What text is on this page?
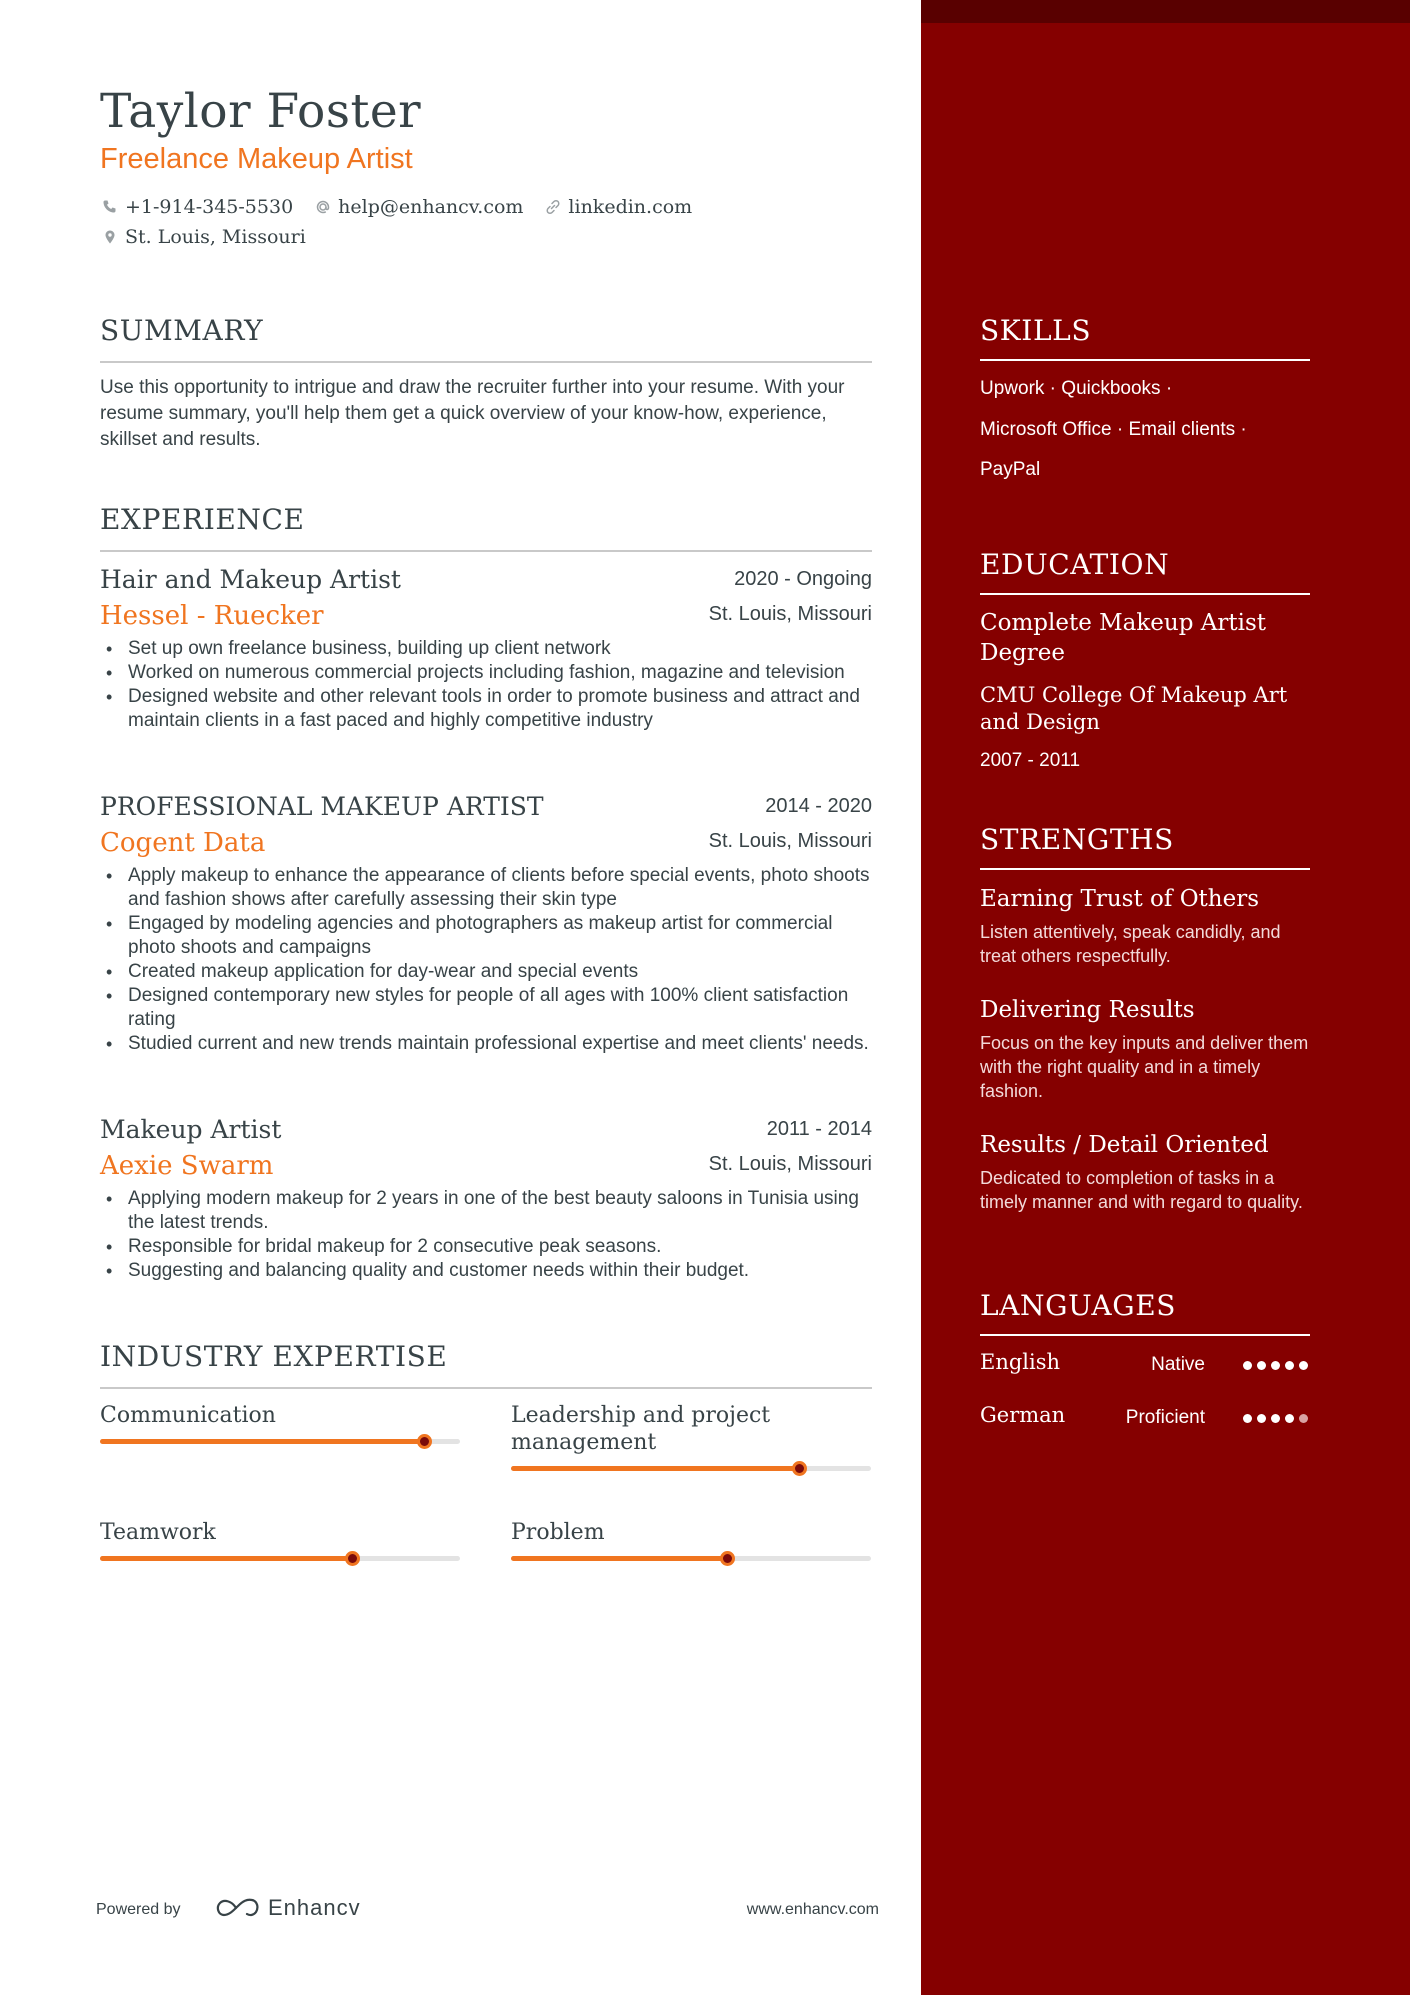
Taylor Foster
Freelance Makeup Artist
+1-914-345-5530 help@enhancv.com linkedin.com
St. Louis, Missouri
SUMMARY
Use this opportunity to intrigue and draw the recruiter further into your resume. With your resume summary, you'll help them get a quick overview of your know-how, experience, skillset and results.
EXPERIENCE
Hair and Makeup Artist	2020 - Ongoing
Hessel - Ruecker	St. Louis, Missouri
• Set up own freelance business, building up client network
• Worked on numerous commercial projects including fashion, magazine and television
• Designed website and other relevant tools in order to promote business and attract and maintain clients in a fast paced and highly competitive industry
PROFESSIONAL MAKEUP ARTIST	2014 - 2020
Cogent Data	St. Louis, Missouri
• Apply makeup to enhance the appearance of clients before special events, photo shoots and fashion shows after carefully assessing their skin type
• Engaged by modeling agencies and photographers as makeup artist for commercial photo shoots and campaigns
• Created makeup application for day-wear and special events
• Designed contemporary new styles for people of all ages with 100% client satisfaction rating
• Studied current and new trends maintain professional expertise and meet clients' needs.
Makeup Artist	2011 - 2014
Aexie Swarm	St. Louis, Missouri
• Applying modern makeup for 2 years in one of the best beauty saloons in Tunisia using the latest trends.
• Responsible for bridal makeup for 2 consecutive peak seasons.
• Suggesting and balancing quality and customer needs within their budget.
INDUSTRY EXPERTISE
Communication	Leadership and project management
Teamwork	Problem
Powered by	Enhancv	www.enhancv.com
SKILLS
Upwork · Quickbooks ·
Microsoft Office · Email clients ·
PayPal
EDUCATION
Complete Makeup Artist Degree
CMU College Of Makeup Art and Design
2007 - 2011
STRENGTHS
Earning Trust of Others
Listen attentively, speak candidly, and treat others respectfully.
Delivering Results
Focus on the key inputs and deliver them with the right quality and in a timely fashion.
Results / Detail Oriented
Dedicated to completion of tasks in a timely manner and with regard to quality.
LANGUAGES
English	Native
German	Proficient
